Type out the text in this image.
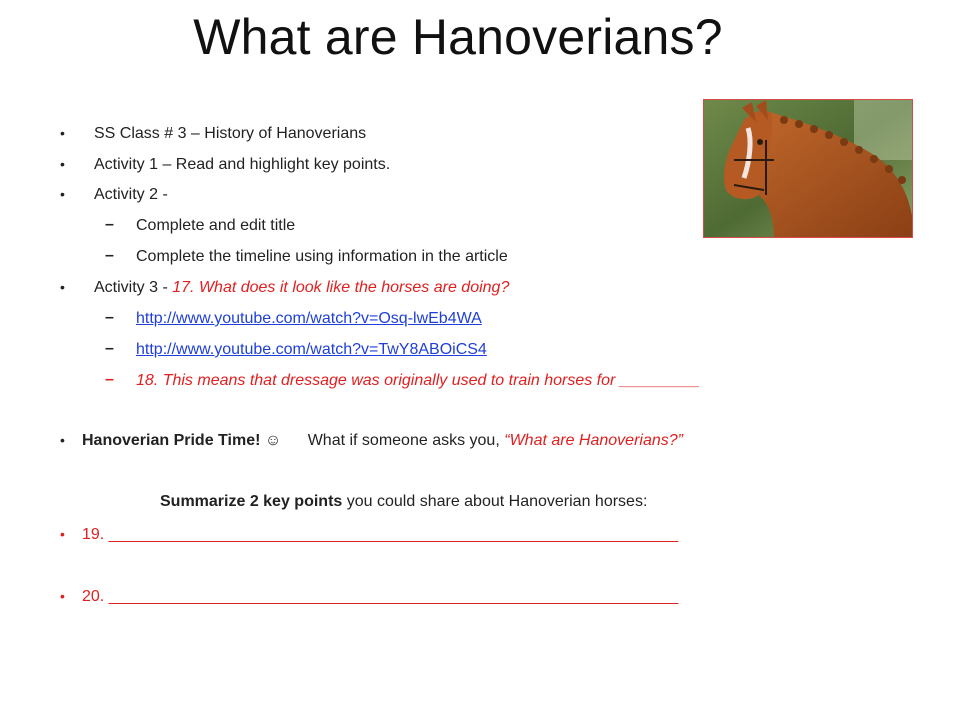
What are Hanoverians?
• SS Class # 3 – History of Hanoverians
• Activity 1 – Read and highlight key points.
• Activity 2 -
– Complete and edit title
– Complete the timeline using information in the article
• Activity 3 - 17. What does it look like the horses are doing?
– http://www.youtube.com/watch?v=Osq-lwEb4WA
– http://www.youtube.com/watch?v=TwY8ABOiCS4
– 18. This means that dressage was originally used to train horses for _________
• Hanoverian Pride Time! ☺ What if someone asks you, “What are Hanoverians?”
Summarize 2 key points you could share about Hanoverian horses:
• 19. ________________________________________________________________
• 20. ________________________________________________________________
